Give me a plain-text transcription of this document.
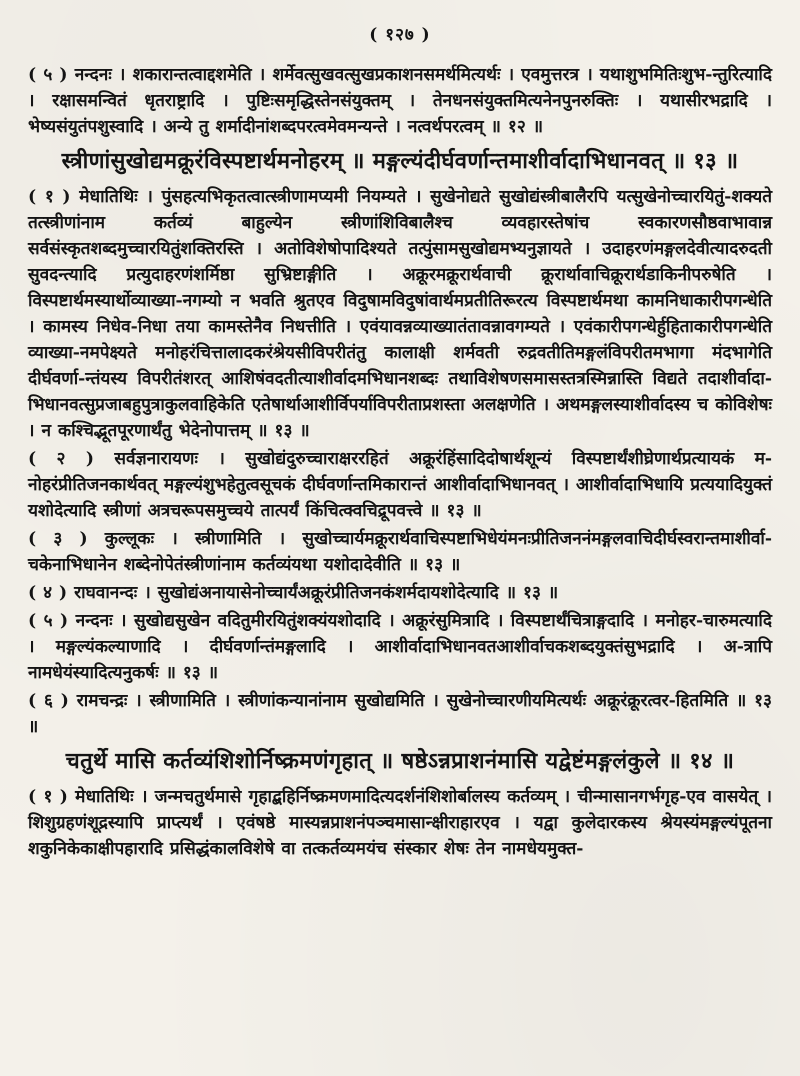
( १२७ )

( ५ ) नन्दनः । शकारान्तत्वाद्दशमेति । शर्मेवत्सुखवत्सुखप्रकाशनसमर्थमित्यर्थः । एवमुत्तरत्र । यथाशुभमितिःशुभ-न्तुरित्यादि । रक्षासमन्वितं धृतराष्ट्रादि । पुष्टिःसमृद्धिस्तेनसंयुक्तम् । तेनधनसंयुक्तमित्यनेनपुनरुक्तिः । यथासीरभद्रादि । भेष्यसंयुतंपशुस्वादि । अन्ये तु शर्मादीनांशब्दपरत्वमेवमन्यन्ते । नत्वर्थपरत्वम् ॥ १२ ॥

स्त्रीणांसुखोद्यमक्रूरंविस्पष्टार्थमनोहरम् ॥ मङ्गल्यंदीर्घवर्णान्तमाशीर्वादाभिधानवत् ॥ १३ ॥

( १ ) मेधातिथिः । पुंसहत्यभिकृतत्वात्स्त्रीणामप्यमी नियम्यते । सुखेनोद्यते सुखोद्यंस्त्रीबालैरपि यत्सुखेनोच्चारयितुं-शक्यते तत्स्त्रीणांनाम कर्तव्यं बाहुल्येन स्त्रीणांशिविबालैश्च व्यवहारस्तेषांच स्वकारणसौष्ठवाभावान्न सर्वसंस्कृतशब्दमुच्चारयितुंशक्तिरस्ति । अतोविशेषोपादिश्यते तत्पुंसामसुखोद्यमभ्यनुज्ञायते । उदाहरणंमङ्गलदेवीत्यादरुदती सुवदन्त्यादि प्रत्युदाहरणंशर्मिष्ठा सुभ्रिष्टाङ्गीति । अक्रूरमक्रूरार्थवाची क्रूरार्थावाचिक्रूरार्थडाकिनीपरुषेति । विस्पष्टार्थमस्यार्थोव्याख्या-नगम्यो न भवति श्रुतएव विदुषामविदुषांवार्थमप्रतीतिरूरत्य विस्पष्टार्थमथा कामनिधाकारीपगन्धेति । कामस्य निधेव-निधा तया कामस्तेनैव निधत्तीति । एवंयावन्नव्याख्यातंतावन्नावगम्यते । एवंकारीपगन्धेर्हुहिताकारीपगन्धेति व्याख्या-नमपेक्ष्यते मनोहरंचित्तालादकरंश्रेयसीविपरीतंतु कालाक्षी शर्मवती रुद्रवतीतिमङ्गलंविपरीतमभागा मंदभागेति दीर्घवर्णा-न्तंयस्य विपरीतंशरत् आशिषंवदतीत्याशीर्वादमभिधानशब्दः तथाविशेषणसमासस्तत्रस्मिन्नास्ति विद्यते तदाशीर्वादा-भिधानवत्सुप्रजाबहुपुत्राकुलवाहिकेति एतेषार्थाआशीर्विपर्याविपरीताप्रशस्ता अलक्षणेति । अथमङ्गलस्याशीर्वादस्य च कोविशेषः । न कश्चिद्भूतपूरणार्थंतु भेदेनोपात्तम् ॥ १३ ॥

( २ ) सर्वज्ञनारायणः । सुखोद्यंदुरुच्चाराक्षररहितं अक्रूरंहिंसादिदोषार्थशून्यं विस्पष्टार्थंशीघ्रेणार्थप्रत्यायकं म-नोहरंप्रीतिजनकार्थवत् मङ्गल्यंशुभहेतुत्वसूचकं दीर्घवर्णान्तमिकारान्तं आशीर्वादाभिधानवत् । आशीर्वादाभिधायि प्रत्ययादियुक्तं यशोदेत्यादि स्त्रीणां अत्रचरूपसमुच्चये तात्पर्यं किंचित्क्वचिद्रूपवत्त्वे ॥ १३ ॥

( ३ ) कुल्लूकः । स्त्रीणामिति । सुखोच्चार्यमक्रूरार्थवाचिस्पष्टाभिधेयंमनःप्रीतिजननंमङ्गलवाचिदीर्घस्वरान्तमाशीर्वा-चकेनाभिधानेन शब्देनोपेतंस्त्रीणांनाम कर्तव्यंयथा यशोदादेवीति ॥ १३ ॥

( ४ ) राघवानन्दः । सुखोद्यंअनायासेनोच्चार्यंअक्रूरंप्रीतिजनकंशर्मदायशोदेत्यादि ॥ १३ ॥

( ५ ) नन्दनः । सुखोद्यसुखेन वदितुमीरयितुंशक्यंयशोदादि । अक्रूरंसुमित्रादि । विस्पष्टार्थंचित्राङ्गदादि । मनोहर-चारुमत्यादि । मङ्गल्यंकल्याणादि । दीर्घवर्णान्तंमङ्गलादि । आशीर्वादाभिधानवतआशीर्वाचकशब्दयुक्तंसुभद्रादि । अ-त्रापि नामधेयंस्यादित्यनुकर्षः ॥ १३ ॥

( ६ ) रामचन्द्रः । स्त्रीणामिति । स्त्रीणांकन्यानांनाम सुखोद्यमिति । सुखेनोच्चारणीयमित्यर्थः अक्रूरंक्रूरत्वर-हितमिति ॥ १३ ॥

चतुर्थे मासि कर्तव्यंशिशोर्निष्क्रमणंगृहात् ॥ षष्ठेऽन्नप्राशनंमासि यद्वेष्टंमङ्गलंकुले ॥ १४ ॥

( १ ) मेधातिथिः । जन्मचतुर्थमासे गृहाद्बहिर्निष्क्रमणमादित्यदर्शनंशिशोर्बालस्य कर्तव्यम् । चीन्मासानगर्भगृह-एव वासयेत् । शिशुग्रहणंशूद्रस्यापि प्राप्त्यर्थं । एवंषष्ठे मास्यन्नप्राशनंपञ्चमासान्क्षीराहारएव । यद्वा कुलेदारकस्य श्रेयस्यंमङ्गल्यंपूतना शकुनिकेकाक्षीपहारादि प्रसिद्धंकालविशेषे वा तत्कर्तव्यमयंच संस्कार शेषः तेन नामधेयमुक्त-
